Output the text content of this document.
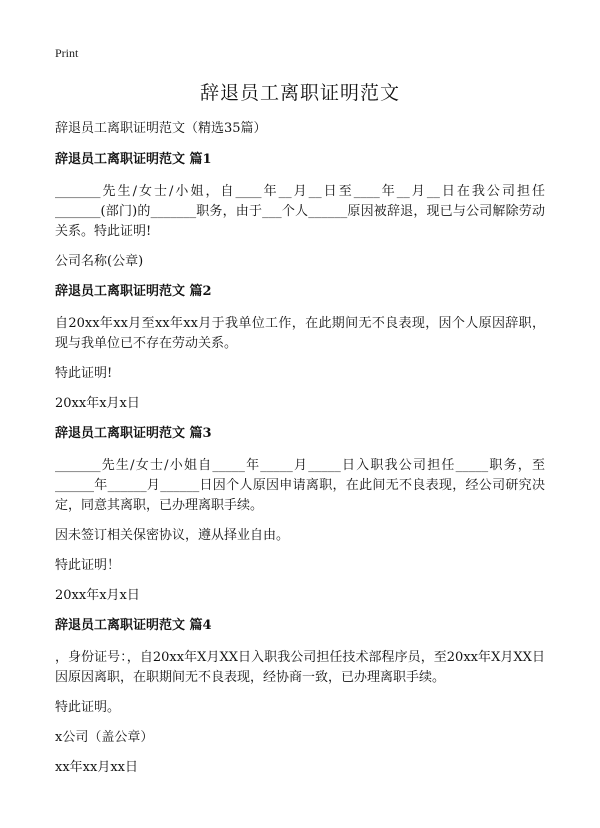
Print
辞退员工离职证明范文

辞退员工离职证明范文（精选35篇）

辞退员工离职证明范文 篇1

_______先生/女士/小姐，自____年__月__日至____年__月__日在我公司担任_______(部门)的_______职务，由于___个人______原因被辞退，现已与公司解除劳动关系。特此证明!

公司名称(公章)

辞退员工离职证明范文 篇2

自20xx年xx月至xx年xx月于我单位工作，在此期间无不良表现，因个人原因辞职，现与我单位已不存在劳动关系。

特此证明!

20xx年x月x日

辞退员工离职证明范文 篇3

_______先生/女士/小姐自_____年_____月_____日入职我公司担任_____职务，至______年______月______日因个人原因申请离职，在此间无不良表现，经公司研究决定，同意其离职，已办理离职手续。

因未签订相关保密协议，遵从择业自由。

特此证明！

20xx年x月x日

辞退员工离职证明范文 篇4

，身份证号：，自20xx年X月XX日入职我公司担任技术部程序员，至20xx年X月XX日因原因离职，在职期间无不良表现，经协商一致，已办理离职手续。

特此证明。

x公司（盖公章）

xx年xx月xx日
